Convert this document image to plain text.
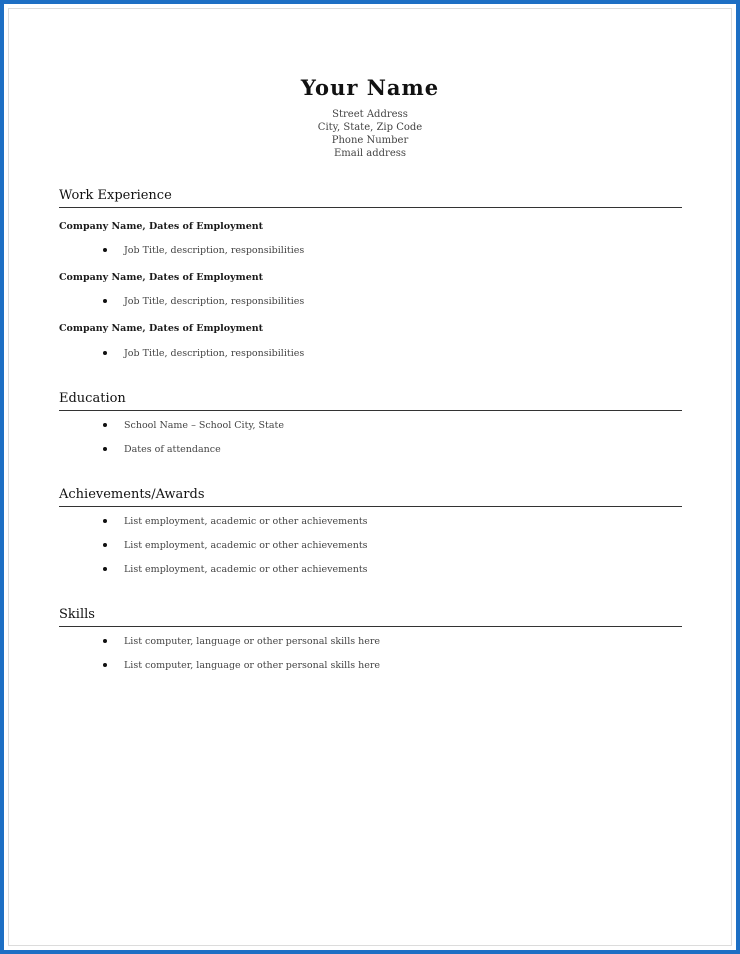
Your Name
Street Address
City, State, Zip Code
Phone Number
Email address
Work Experience
Company Name, Dates of Employment
Job Title, description, responsibilities
Company Name, Dates of Employment
Job Title, description, responsibilities
Company Name, Dates of Employment
Job Title, description, responsibilities
Education
School Name – School City, State
Dates of attendance
Achievements/Awards
List employment, academic or other achievements
List employment, academic or other achievements
List employment, academic or other achievements
Skills
List computer, language or other personal skills here
List computer, language or other personal skills here
